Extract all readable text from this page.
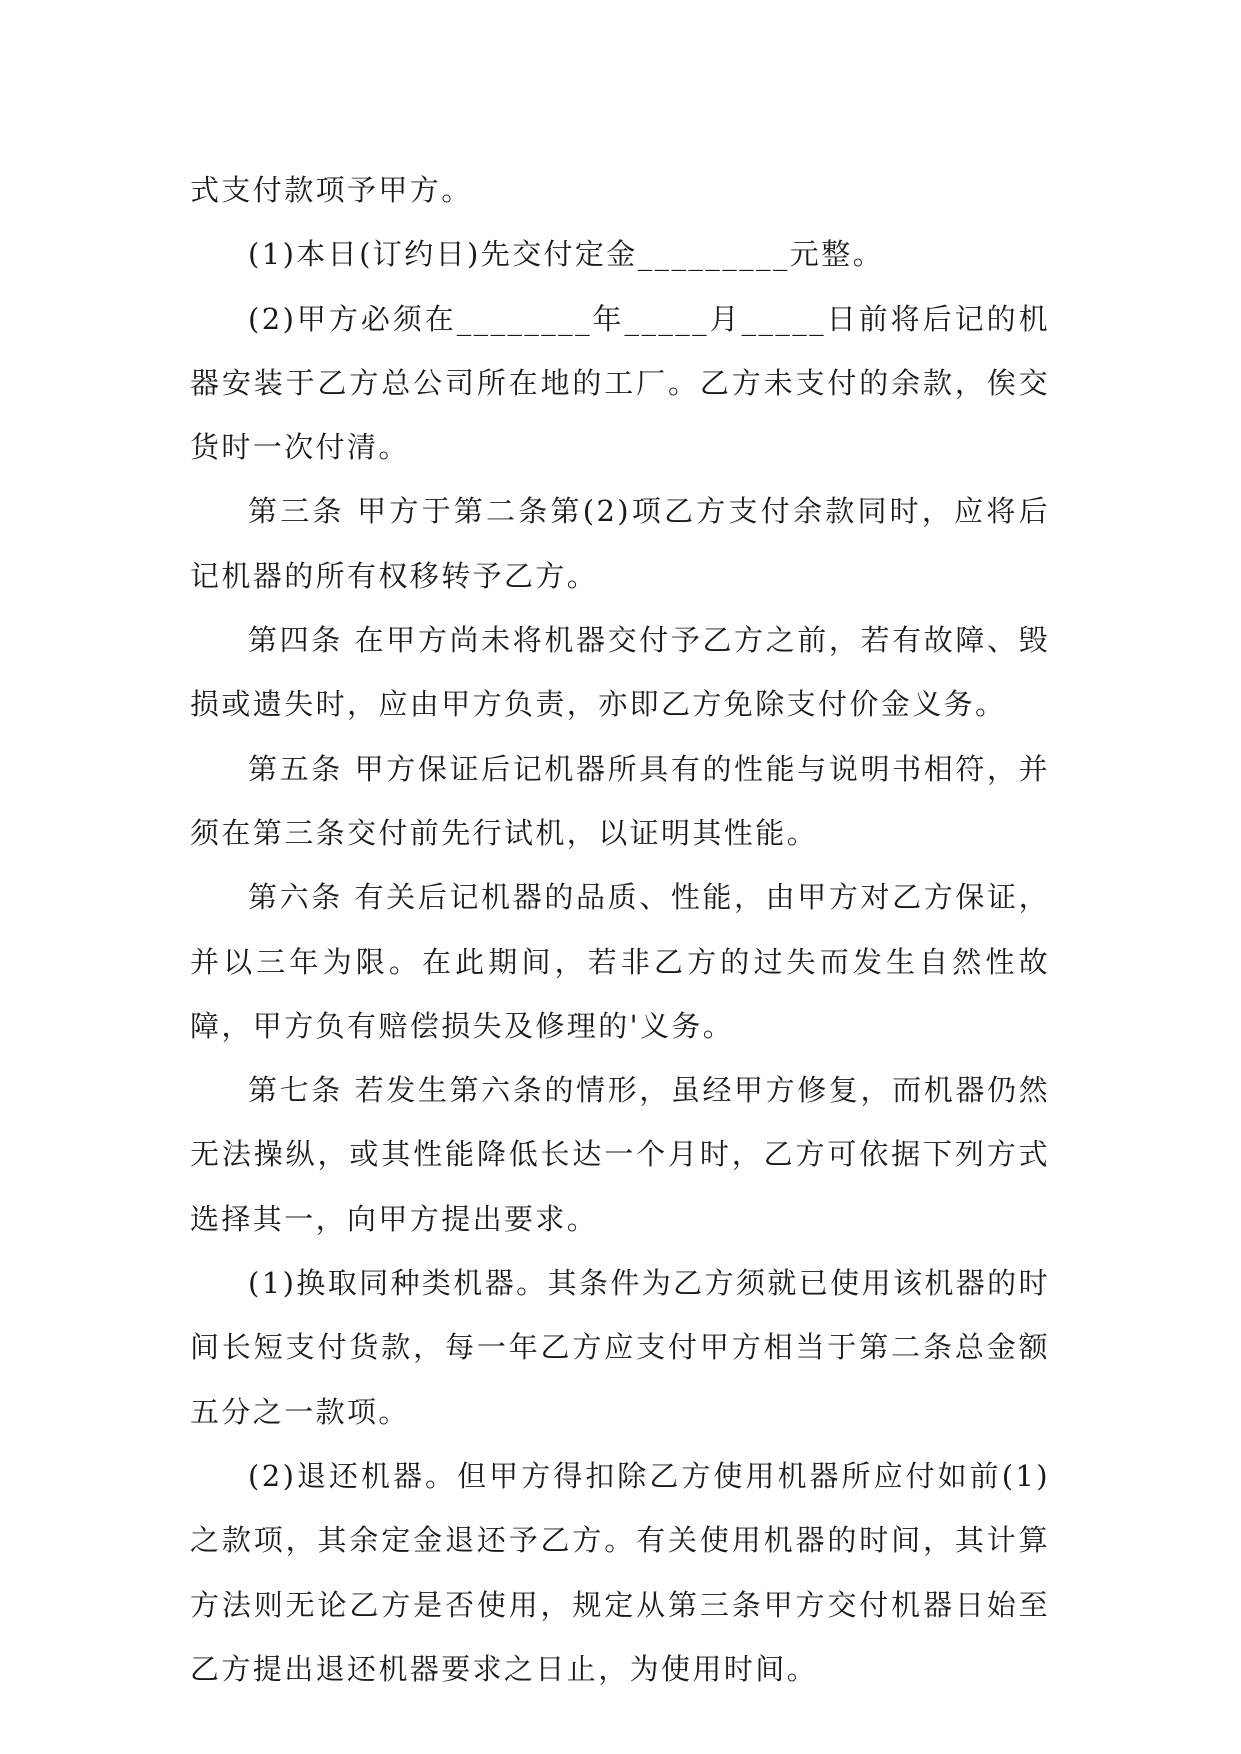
式支付款项予甲方。

(1)本日(订约日)先交付定金_________元整。

(2)甲方必须在________年_____月_____日前将后记的机器安装于乙方总公司所在地的工厂。乙方未支付的余款，俟交货时一次付清。

第三条 甲方于第二条第(2)项乙方支付余款同时，应将后记机器的所有权移转予乙方。

第四条 在甲方尚未将机器交付予乙方之前，若有故障、毁损或遗失时，应由甲方负责，亦即乙方免除支付价金义务。

第五条 甲方保证后记机器所具有的性能与说明书相符，并须在第三条交付前先行试机，以证明其性能。

第六条 有关后记机器的品质、性能，由甲方对乙方保证，并以三年为限。在此期间，若非乙方的过失而发生自然性故障，甲方负有赔偿损失及修理的'义务。

第七条 若发生第六条的情形，虽经甲方修复，而机器仍然无法操纵，或其性能降低长达一个月时，乙方可依据下列方式选择其一，向甲方提出要求。

(1)换取同种类机器。其条件为乙方须就已使用该机器的时间长短支付货款，每一年乙方应支付甲方相当于第二条总金额五分之一款项。

(2)退还机器。但甲方得扣除乙方使用机器所应付如前(1)之款项，其余定金退还予乙方。有关使用机器的时间，其计算方法则无论乙方是否使用，规定从第三条甲方交付机器日始至乙方提出退还机器要求之日止，为使用时间。
